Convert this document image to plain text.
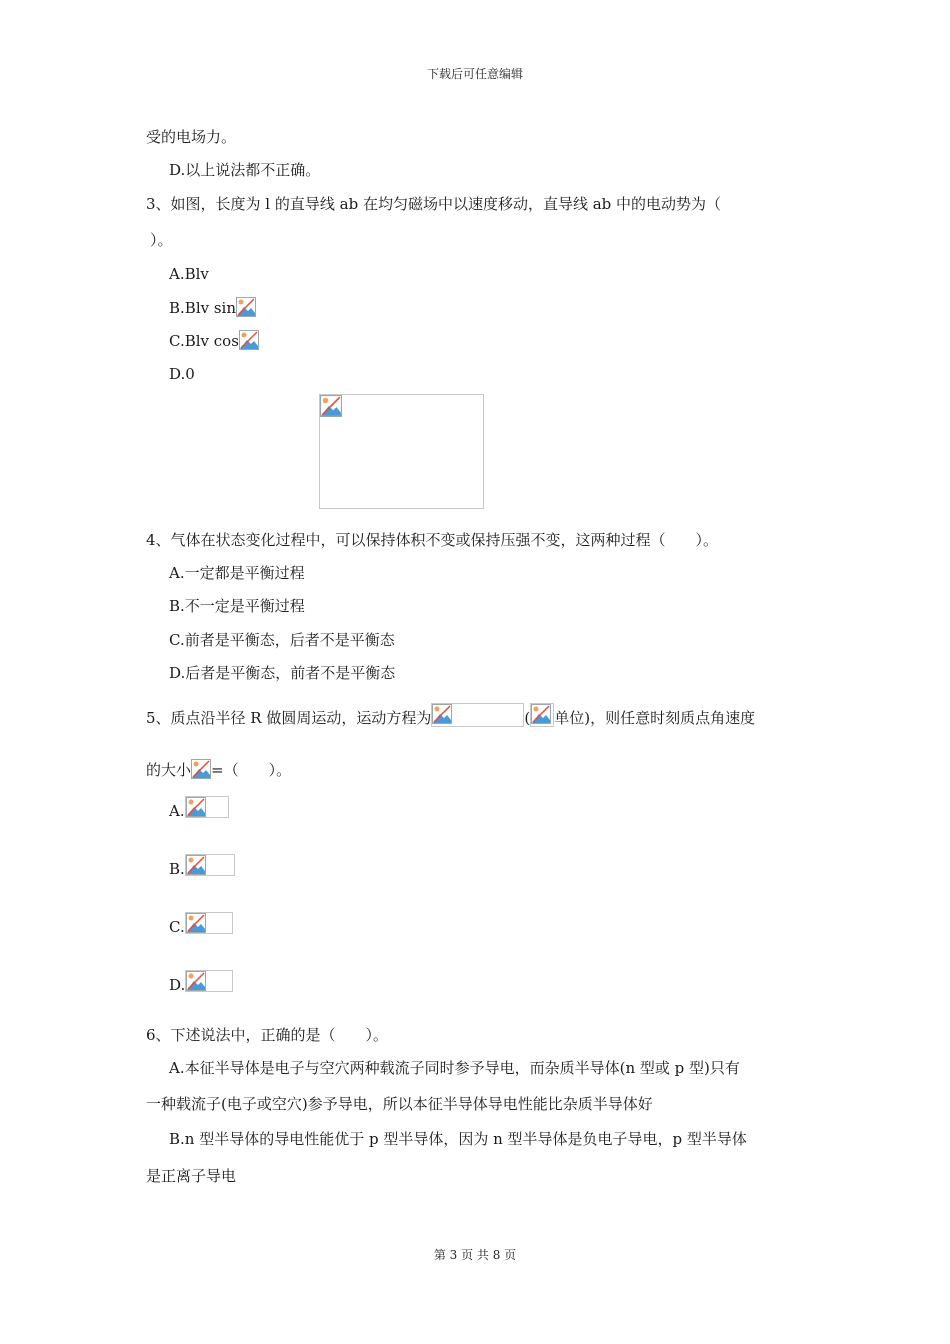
下载后可任意编辑
受的电场力。
D.以上说法都不正确。
3、如图，长度为 l 的直导线 ab 在均匀磁场中以速度移动，直导线 ab 中的电动势为（
）。
A.Blv
B.Blv sin
C.Blv cos
D.0
4、气体在状态变化过程中，可以保持体积不变或保持压强不变，这两种过程（　　）。
A.一定都是平衡过程
B.不一定是平衡过程
C.前者是平衡态，后者不是平衡态
D.后者是平衡态，前者不是平衡态
5、质点沿半径 R 做圆周运动，运动方程为	( 单位)，则任意时刻质点角速度
的大小 =（　　）。
A.
B.
C.
D.
6、下述说法中，正确的是（　　）。
A.本征半导体是电子与空穴两种载流子同时参予导电，而杂质半导体(n 型或 p 型)只有
一种载流子(电子或空穴)参予导电，所以本征半导体导电性能比杂质半导体好
B.n 型半导体的导电性能优于 p 型半导体，因为 n 型半导体是负电子导电，p 型半导体
是正离子导电
第 3 页 共 8 页
